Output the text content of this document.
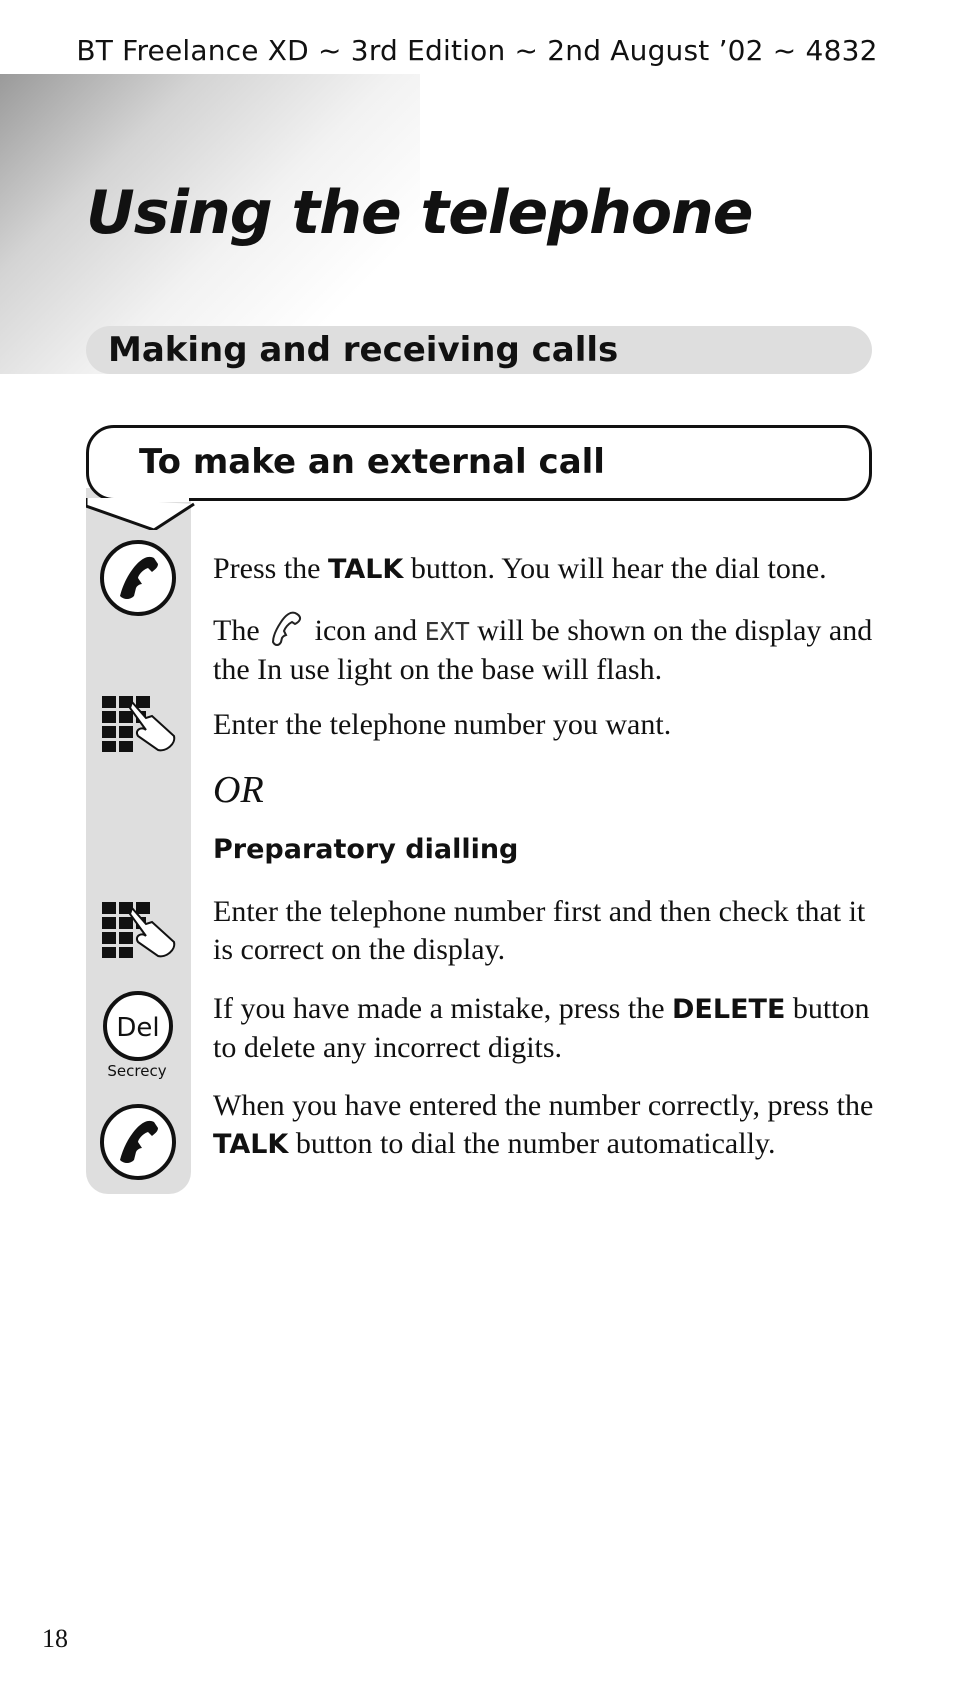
BT Freelance XD ~ 3rd Edition ~ 2nd August ’02 ~ 4832
Using the telephone
Making and receiving calls
To make an external call
Press the TALK button. You will hear the dial tone.
The  icon and EXT will be shown on the display and the In use light on the base will flash.
Enter the telephone number you want.
OR
Preparatory dialling
Enter the telephone number first and then check that it is correct on the display.
Del
Secrecy
If you have made a mistake, press the DELETE button to delete any incorrect digits.
When you have entered the number correctly, press the TALK button to dial the number automatically.
18
